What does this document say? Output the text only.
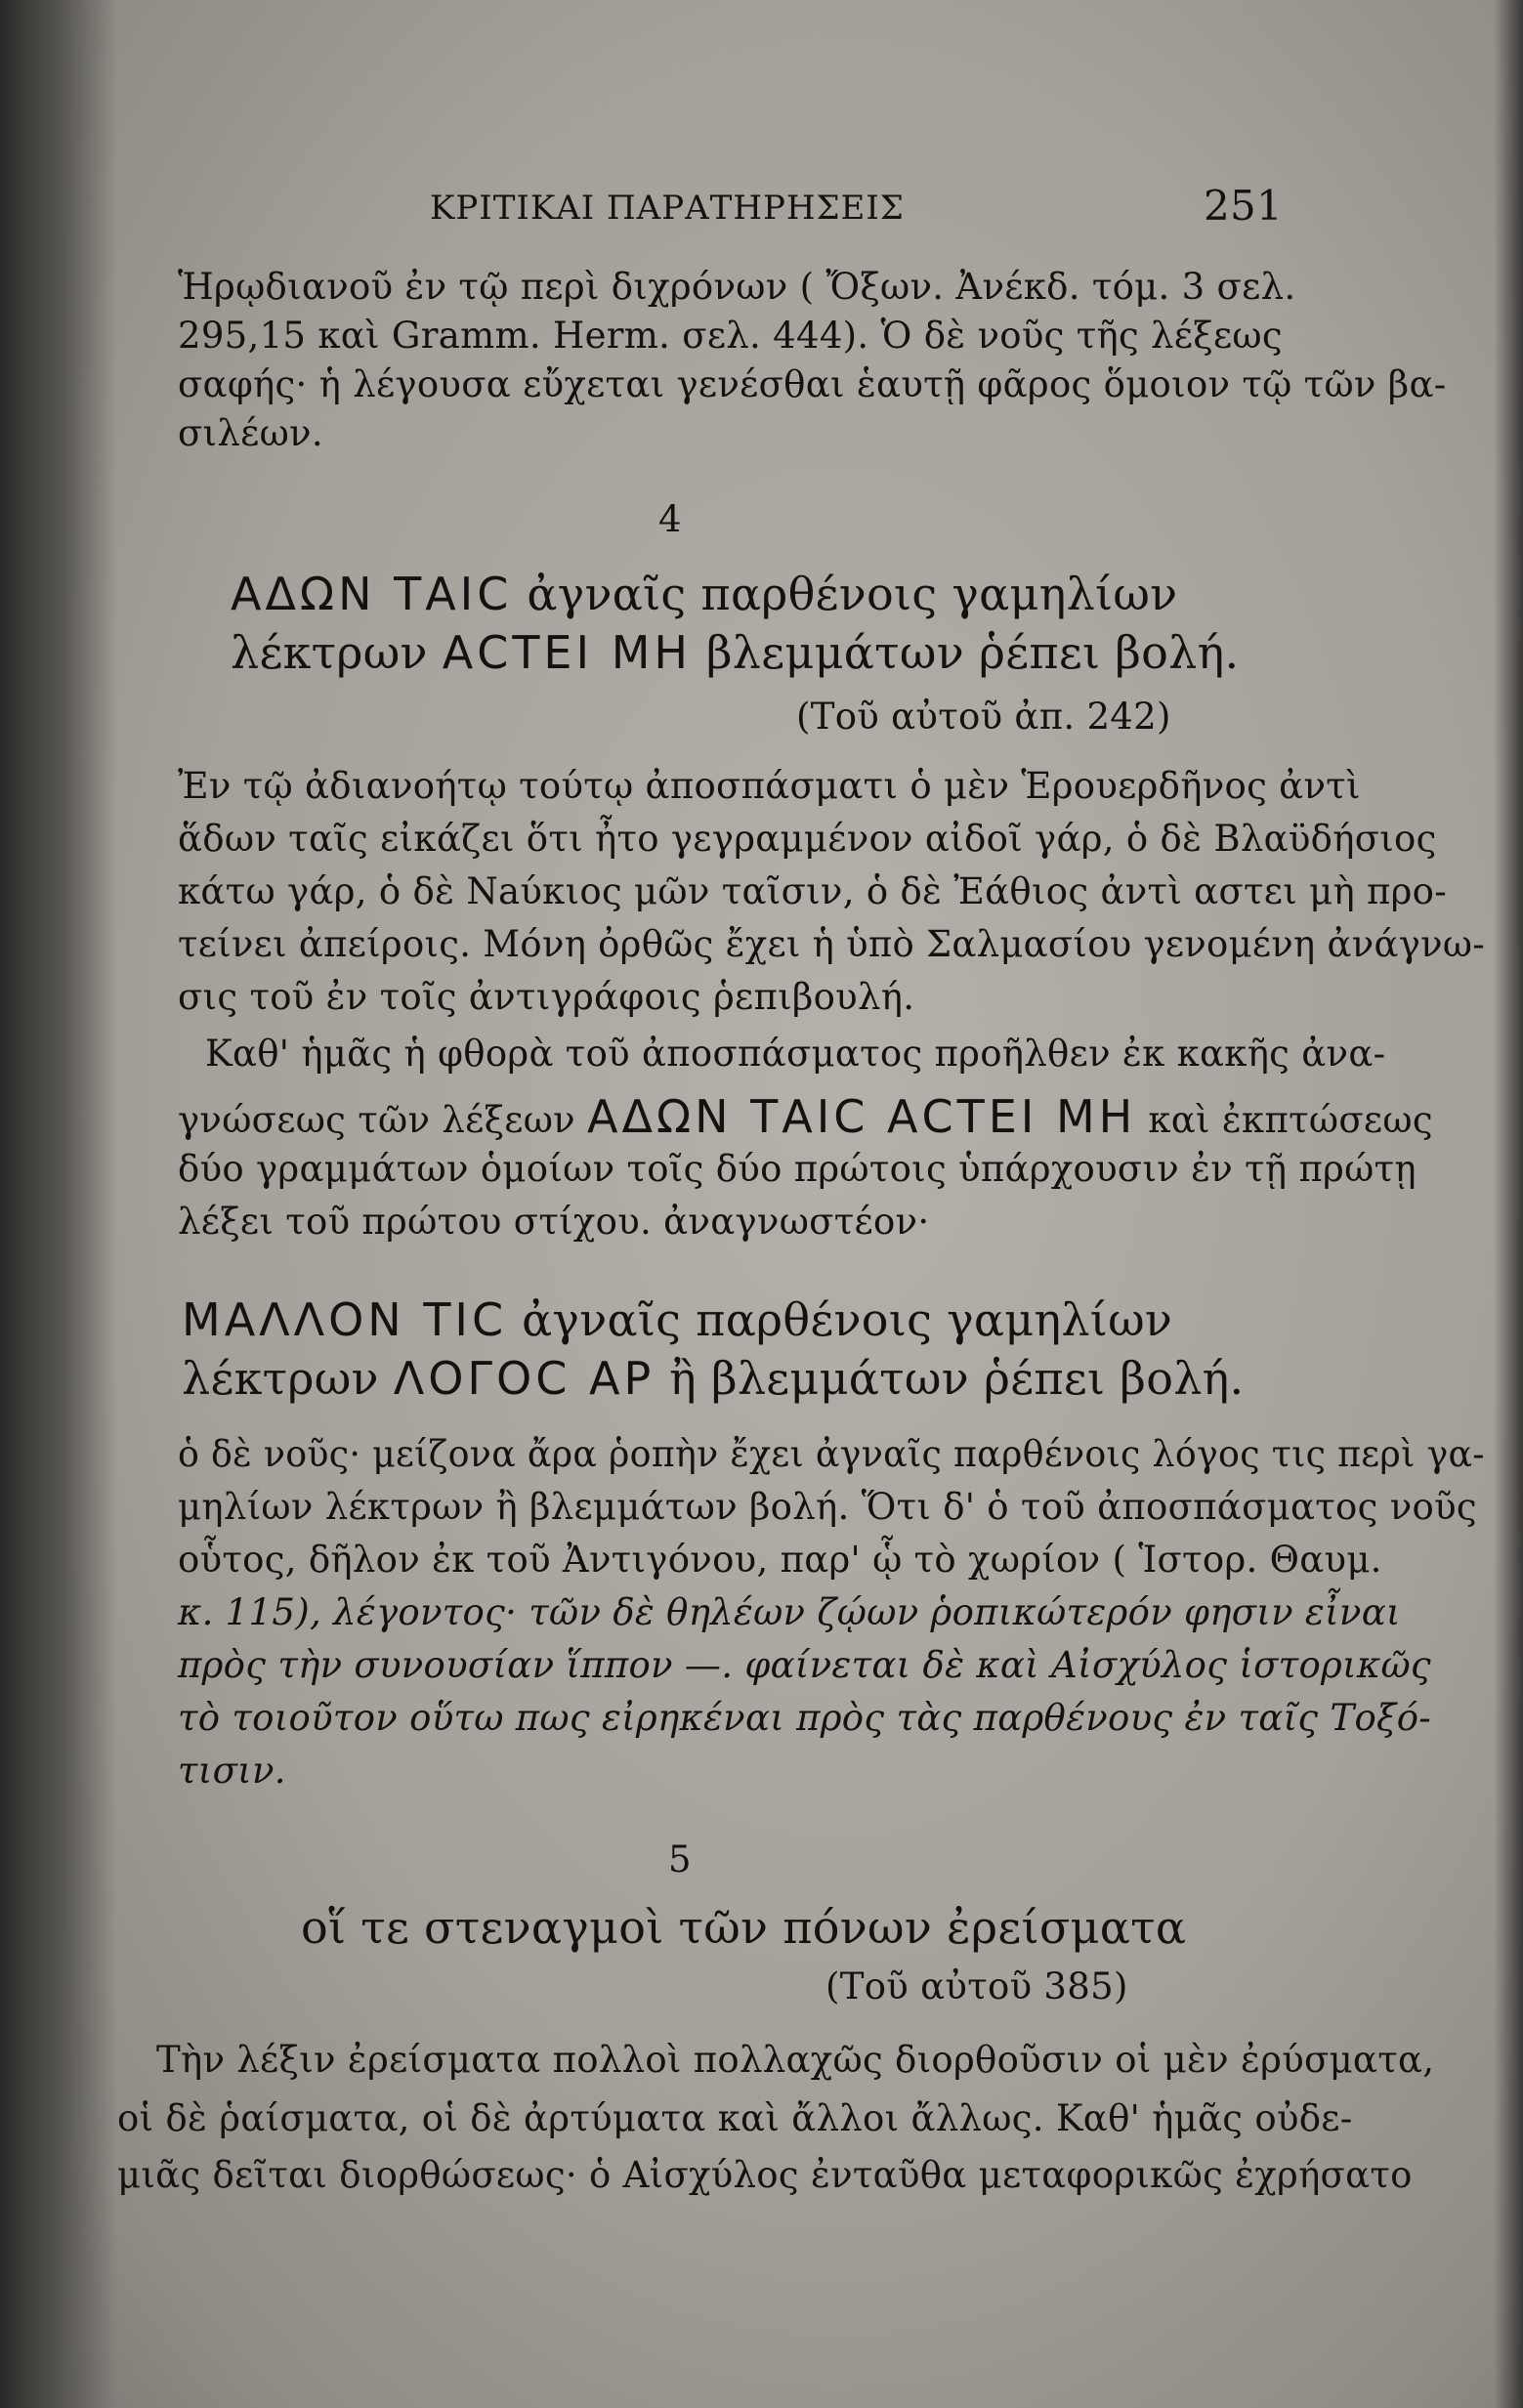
ΚΡΙΤΙΚΑΙ ΠΑΡΑΤΗΡΗΣΕΙΣ	251
Ἡρῳδιανοῦ ἐν τῷ περὶ διχρόνων ( Ὄξων. Ἀνέκδ. τόμ. 3 σελ.
295,15 καὶ Gramm. Herm. σελ. 444). Ὁ δὲ νοῦς τῆς λέξεως
σαφής· ἡ λέγουσα εὔχεται γενέσθαι ἑαυτῇ φᾶρος ὅμοιον τῷ τῶν βα-
σιλέων.
4
ΑΔΩΝ ΤΑΙϹ ἀγναῖς παρθένοις γαμηλίων
λέκτρων ΑϹΤΕΙ ΜΗ βλεμμάτων ῥέπει βολή.
(Τοῦ αὐτοῦ ἀπ. 242)
Ἐν τῷ ἀδιανοήτῳ τούτῳ ἀποσπάσματι ὁ μὲν Ἑρουερδῆνος ἀντὶ
ἅδων ταῖς εἰκάζει ὅτι ἦτο γεγραμμένον αἰδοῖ γάρ, ὁ δὲ Βλαϋδήσιος
κάτω γάρ, ὁ δὲ Νaύκιος μῶν ταῖσιν, ὁ δὲ Ἐάθιος ἀντὶ αστει μὴ προ-
τείνει ἀπείροις. Μόνη ὀρθῶς ἔχει ἡ ὑπὸ Σαλμασίου γενομένη ἀνάγνω-
σις τοῦ ἐν τοῖς ἀντιγράφοις ῥεπιβουλή.
Καθ' ἡμᾶς ἡ φθορὰ τοῦ ἀποσπάσματος προῆλθεν ἐκ κακῆς ἀνα-
γνώσεως τῶν λέξεων ΑΔΩΝ ΤΑΙϹ ΑϹΤΕΙ ΜΗ καὶ ἐκπτώσεως
δύο γραμμάτων ὁμοίων τοῖς δύο πρώτοις ὑπάρχουσιν ἐν τῇ πρώτῃ
λέξει τοῦ πρώτου στίχου. ἀναγνωστέον·
ΜΑΛΛΟΝ ΤΙϹ ἀγναῖς παρθένοις γαμηλίων
λέκτρων ΛΟΓΟϹ ΑΡ ἢ βλεμμάτων ῥέπει βολή.
ὁ δὲ νοῦς· μείζονα ἄρα ῥοπὴν ἔχει ἀγναῖς παρθένοις λόγος τις περὶ γα-
μηλίων λέκτρων ἢ βλεμμάτων βολή. Ὅτι δ' ὁ τοῦ ἀποσπάσματος νοῦς
οὗτος, δῆλον ἐκ τοῦ Ἀντιγόνου, παρ' ᾧ τὸ χωρίον ( Ἱστορ. Θαυμ.
κ. 115), λέγοντος· τῶν δὲ θηλέων ζῴων ῥοπικώτερόν φησιν εἶναι
πρὸς τὴν συνουσίαν ἵππον —. φαίνεται δὲ καὶ Αἰσχύλος ἱστορικῶς
τὸ τοιοῦτον οὕτω πως εἰρηκέναι πρὸς τὰς παρθένους ἐν ταῖς Τοξό-
τισιν.
5
οἵ τε στεναγμοὶ τῶν πόνων ἐρείσματα
(Τοῦ αὐτοῦ 385)
Τὴν λέξιν ἐρείσματα πολλοὶ πολλαχῶς διορθοῦσιν οἱ μὲν ἐρύσματα,
οἱ δὲ ῥαίσματα, οἱ δὲ ἀρτύματα καὶ ἄλλοι ἄλλως. Καθ' ἡμᾶς οὐδε-
μιᾶς δεῖται διορθώσεως· ὁ Αἰσχύλος ἐνταῦθα μεταφορικῶς ἐχρήσατο
